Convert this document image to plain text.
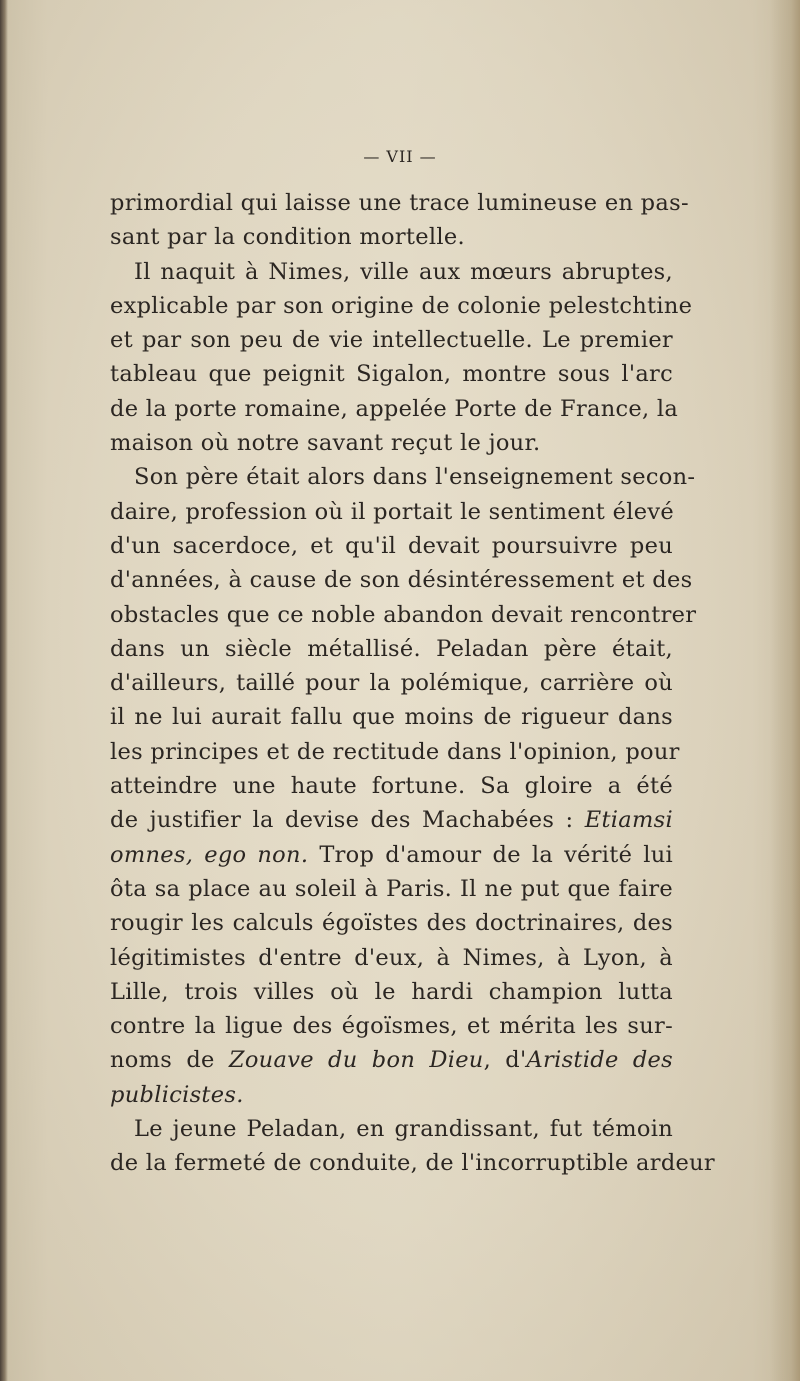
— VII —
primordial qui laisse une trace lumineuse en pas-
sant par la condition mortelle.
Il naquit à Nimes, ville aux mœurs abruptes,
explicable par son origine de colonie pelestchtine
et par son peu de vie intellectuelle. Le premier
tableau que peignit Sigalon, montre sous l'arc
de la porte romaine, appelée Porte de France, la
maison où notre savant reçut le jour.
Son père était alors dans l'enseignement secon-
daire, profession où il portait le sentiment élevé
d'un sacerdoce, et qu'il devait poursuivre peu
d'années, à cause de son désintéressement et des
obstacles que ce noble abandon devait rencontrer
dans un siècle métallisé. Peladan père était,
d'ailleurs, taillé pour la polémique, carrière où
il ne lui aurait fallu que moins de rigueur dans
les principes et de rectitude dans l'opinion, pour
atteindre une haute fortune. Sa gloire a été
de justifier la devise des Machabées : Etiamsi
omnes, ego non. Trop d'amour de la vérité lui
ôta sa place au soleil à Paris. Il ne put que faire
rougir les calculs égoïstes des doctrinaires, des
légitimistes d'entre d'eux, à Nimes, à Lyon, à
Lille, trois villes où le hardi champion lutta
contre la ligue des égoïsmes, et mérita les sur-
noms de Zouave du bon Dieu, d'Aristide des
publicistes.
Le jeune Peladan, en grandissant, fut témoin
de la fermeté de conduite, de l'incorruptible ardeur
